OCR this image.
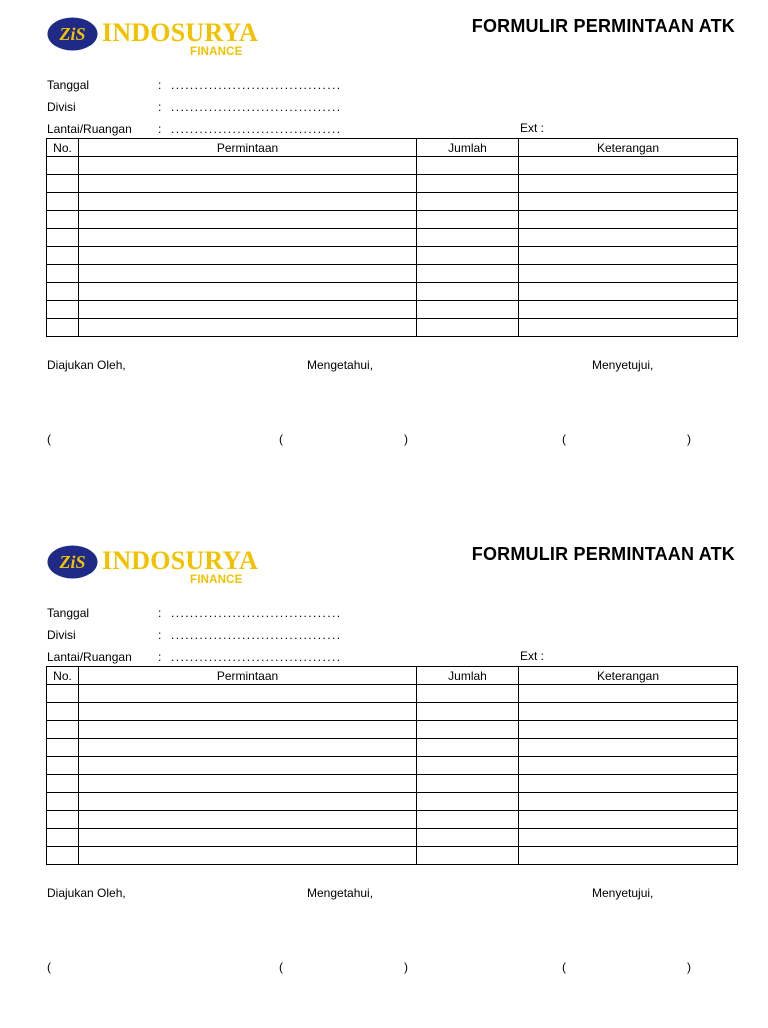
ZiS INDOSURYA
FINANCE
FORMULIR PERMINTAAN ATK
Tanggal	: ....................................
Divisi	: ....................................
Lantai/Ruangan	: ....................................	Ext :
No.	Permintaan	Jumlah	Keterangan

Diajukan Oleh,	Mengetahui,	Menyetujui,
(	(	)	(	)
ZiS INDOSURYA
FINANCE
FORMULIR PERMINTAAN ATK
Tanggal	: ....................................
Divisi	: ....................................
Lantai/Ruangan	: ....................................	Ext :
No.	Permintaan	Jumlah	Keterangan

Diajukan Oleh,	Mengetahui,	Menyetujui,
(	(	)	(	)
